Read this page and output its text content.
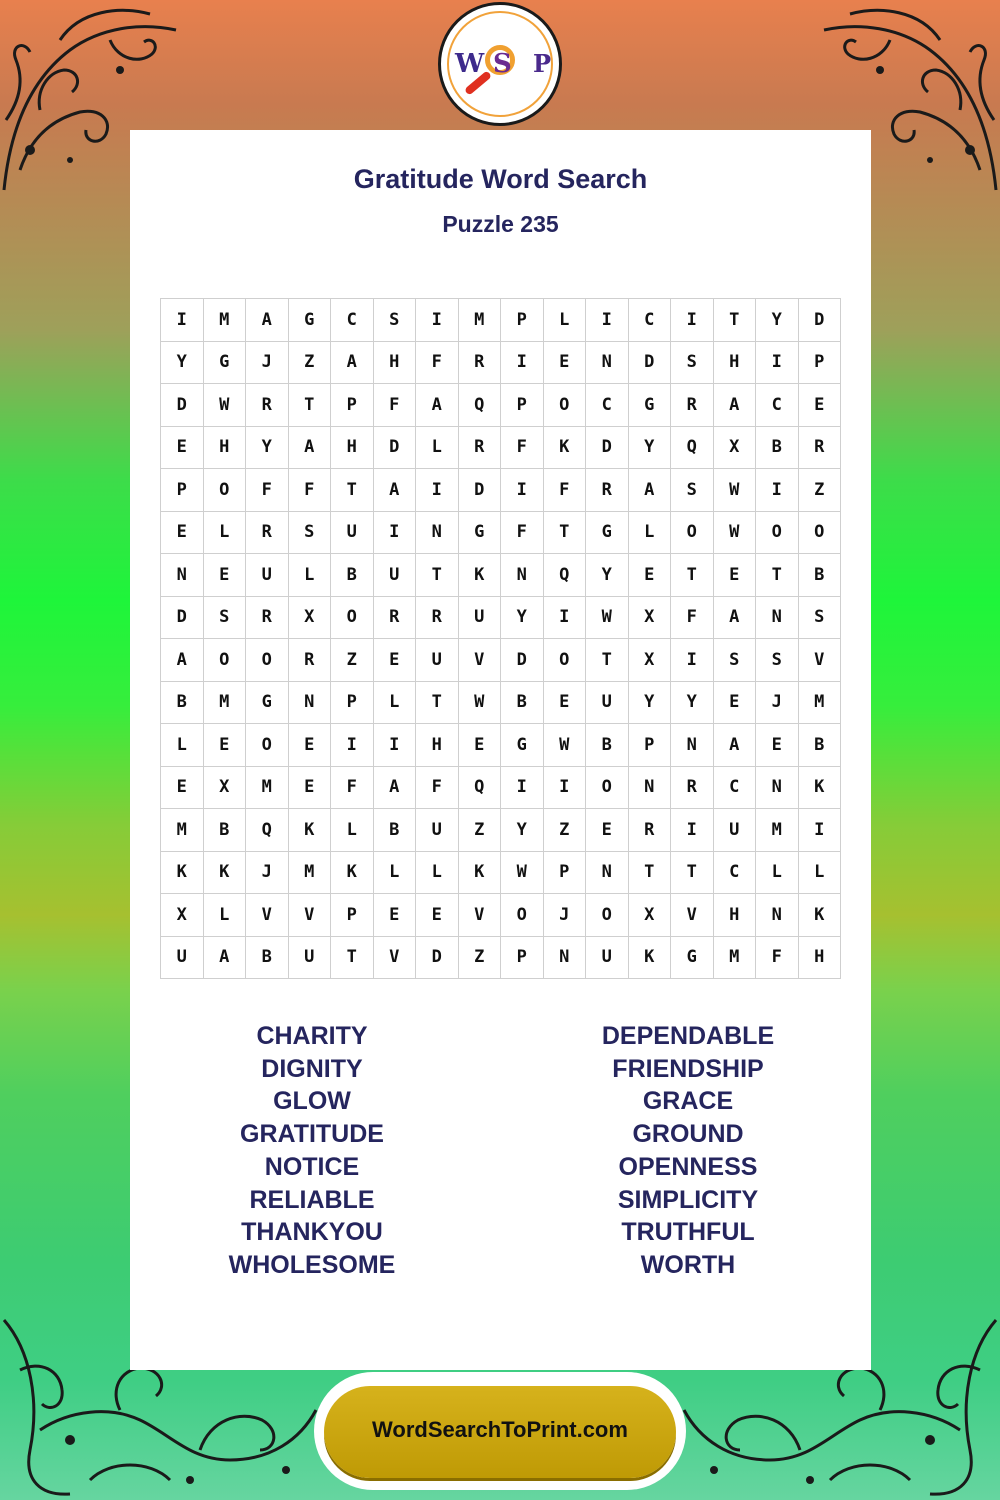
W S P
Gratitude Word Search
Puzzle 235
I	M	A	G	C	S	I	M	P	L	I	C	I	T	Y	D
Y	G	J	Z	A	H	F	R	I	E	N	D	S	H	I	P
D	W	R	T	P	F	A	Q	P	O	C	G	R	A	C	E
E	H	Y	A	H	D	L	R	F	K	D	Y	Q	X	B	R
P	O	F	F	T	A	I	D	I	F	R	A	S	W	I	Z
E	L	R	S	U	I	N	G	F	T	G	L	O	W	O	O
N	E	U	L	B	U	T	K	N	Q	Y	E	T	E	T	B
D	S	R	X	O	R	R	U	Y	I	W	X	F	A	N	S
A	O	O	R	Z	E	U	V	D	O	T	X	I	S	S	V
B	M	G	N	P	L	T	W	B	E	U	Y	Y	E	J	M
L	E	O	E	I	I	H	E	G	W	B	P	N	A	E	B
E	X	M	E	F	A	F	Q	I	I	O	N	R	C	N	K
M	B	Q	K	L	B	U	Z	Y	Z	E	R	I	U	M	I
K	K	J	M	K	L	L	K	W	P	N	T	T	C	L	L
X	L	V	V	P	E	E	V	O	J	O	X	V	H	N	K
U	A	B	U	T	V	D	Z	P	N	U	K	G	M	F	H
CHARITY
DIGNITY
GLOW
GRATITUDE
NOTICE
RELIABLE
THANKYOU
WHOLESOME
DEPENDABLE
FRIENDSHIP
GRACE
GROUND
OPENNESS
SIMPLICITY
TRUTHFUL
WORTH
WordSearchToPrint.com
